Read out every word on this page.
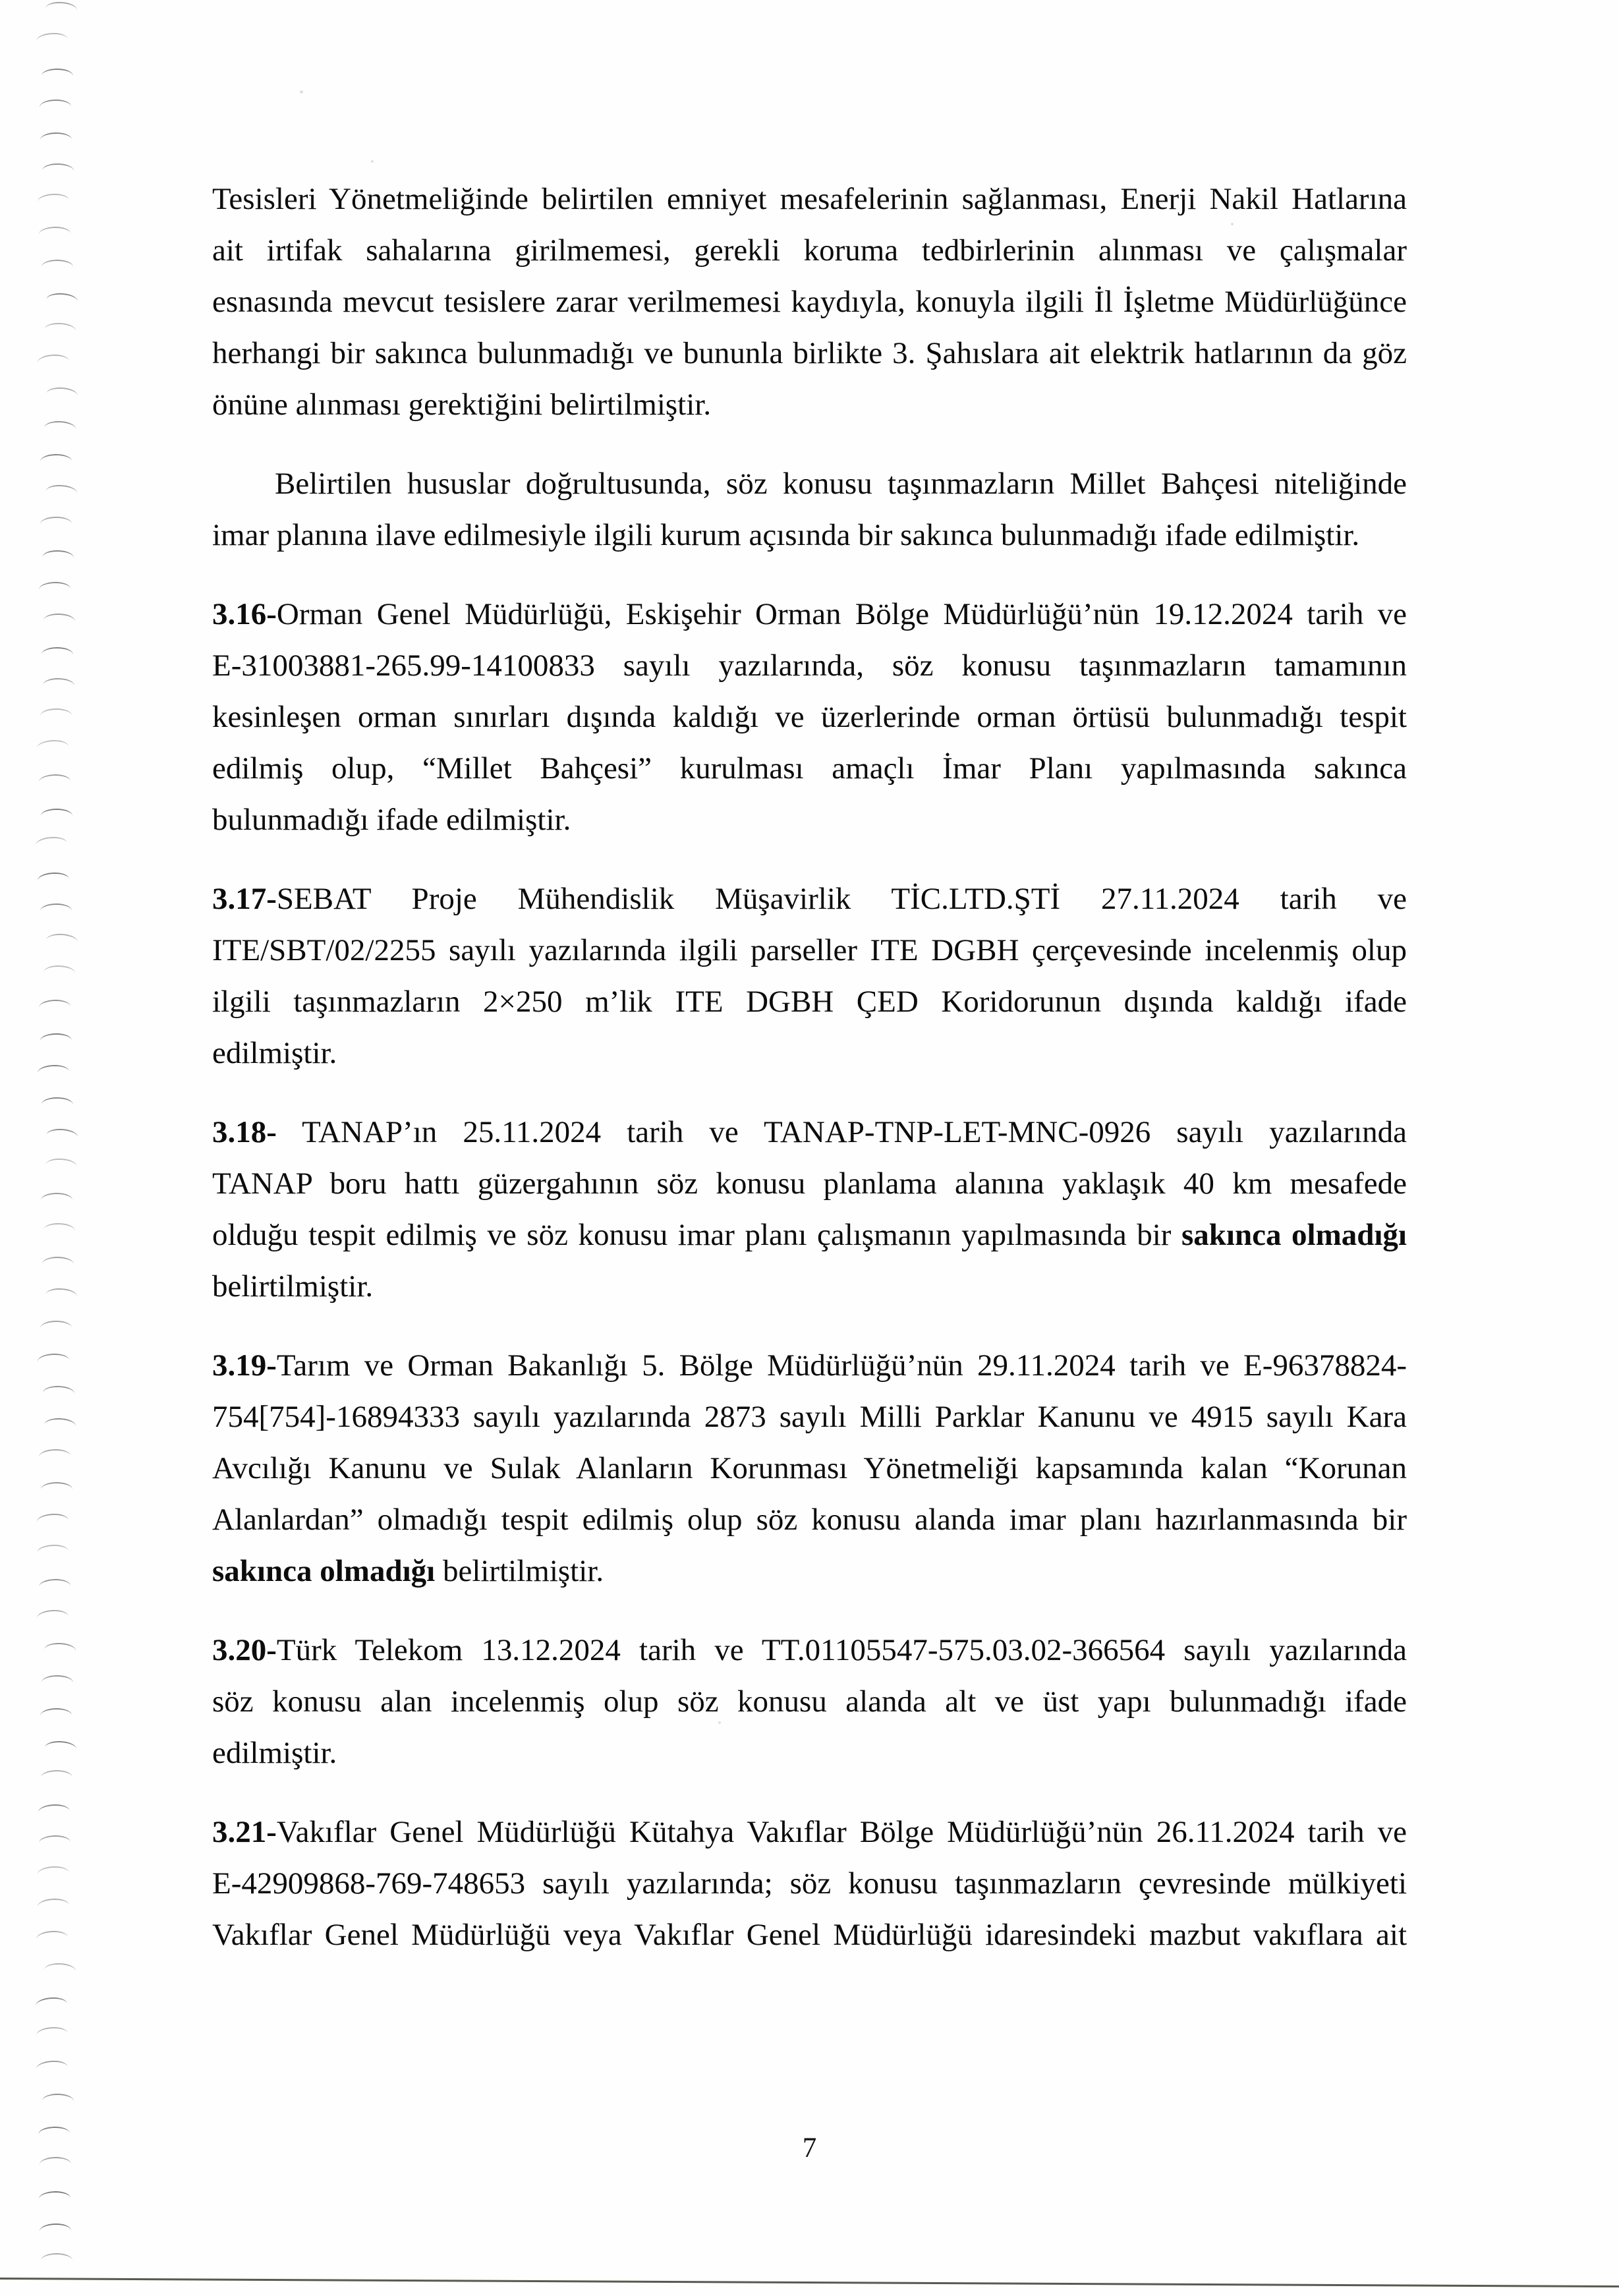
Tesisleri Yönetmeliğinde belirtilen emniyet mesafelerinin sağlanması, Enerji Nakil Hatlarına
ait irtifak sahalarına girilmemesi, gerekli koruma tedbirlerinin alınması ve çalışmalar
esnasında mevcut tesislere zarar verilmemesi kaydıyla, konuyla ilgili İl İşletme Müdürlüğünce
herhangi bir sakınca bulunmadığı ve bununla birlikte 3. Şahıslara ait elektrik hatlarının da göz
önüne alınması gerektiğini belirtilmiştir.
Belirtilen hususlar doğrultusunda, söz konusu taşınmazların Millet Bahçesi niteliğinde
imar planına ilave edilmesiyle ilgili kurum açısında bir sakınca bulunmadığı ifade edilmiştir.
3.16-Orman Genel Müdürlüğü, Eskişehir Orman Bölge Müdürlüğü’nün 19.12.2024 tarih ve
E-31003881-265.99-14100833 sayılı yazılarında, söz konusu taşınmazların tamamının
kesinleşen orman sınırları dışında kaldığı ve üzerlerinde orman örtüsü bulunmadığı tespit
edilmiş olup, “Millet Bahçesi” kurulması amaçlı İmar Planı yapılmasında sakınca
bulunmadığı ifade edilmiştir.
3.17-SEBAT Proje Mühendislik Müşavirlik TİC.LTD.ŞTİ 27.11.2024 tarih ve
ITE/SBT/02/2255 sayılı yazılarında ilgili parseller ITE DGBH çerçevesinde incelenmiş olup
ilgili taşınmazların 2×250 m’lik ITE DGBH ÇED Koridorunun dışında kaldığı ifade
edilmiştir.
3.18- TANAP’ın 25.11.2024 tarih ve TANAP-TNP-LET-MNC-0926 sayılı yazılarında
TANAP boru hattı güzergahının söz konusu planlama alanına yaklaşık 40 km mesafede
olduğu tespit edilmiş ve söz konusu imar planı çalışmanın yapılmasında bir sakınca olmadığı
belirtilmiştir.
3.19-Tarım ve Orman Bakanlığı 5. Bölge Müdürlüğü’nün 29.11.2024 tarih ve E-96378824-
754[754]-16894333 sayılı yazılarında 2873 sayılı Milli Parklar Kanunu ve 4915 sayılı Kara
Avcılığı Kanunu ve Sulak Alanların Korunması Yönetmeliği kapsamında kalan “Korunan
Alanlardan” olmadığı tespit edilmiş olup söz konusu alanda imar planı hazırlanmasında bir
sakınca olmadığı belirtilmiştir.
3.20-Türk Telekom 13.12.2024 tarih ve TT.01105547-575.03.02-366564 sayılı yazılarında
söz konusu alan incelenmiş olup söz konusu alanda alt ve üst yapı bulunmadığı ifade
edilmiştir.
3.21-Vakıflar Genel Müdürlüğü Kütahya Vakıflar Bölge Müdürlüğü’nün 26.11.2024 tarih ve
E-42909868-769-748653 sayılı yazılarında; söz konusu taşınmazların çevresinde mülkiyeti
Vakıflar Genel Müdürlüğü veya Vakıflar Genel Müdürlüğü idaresindeki mazbut vakıflara ait
7
